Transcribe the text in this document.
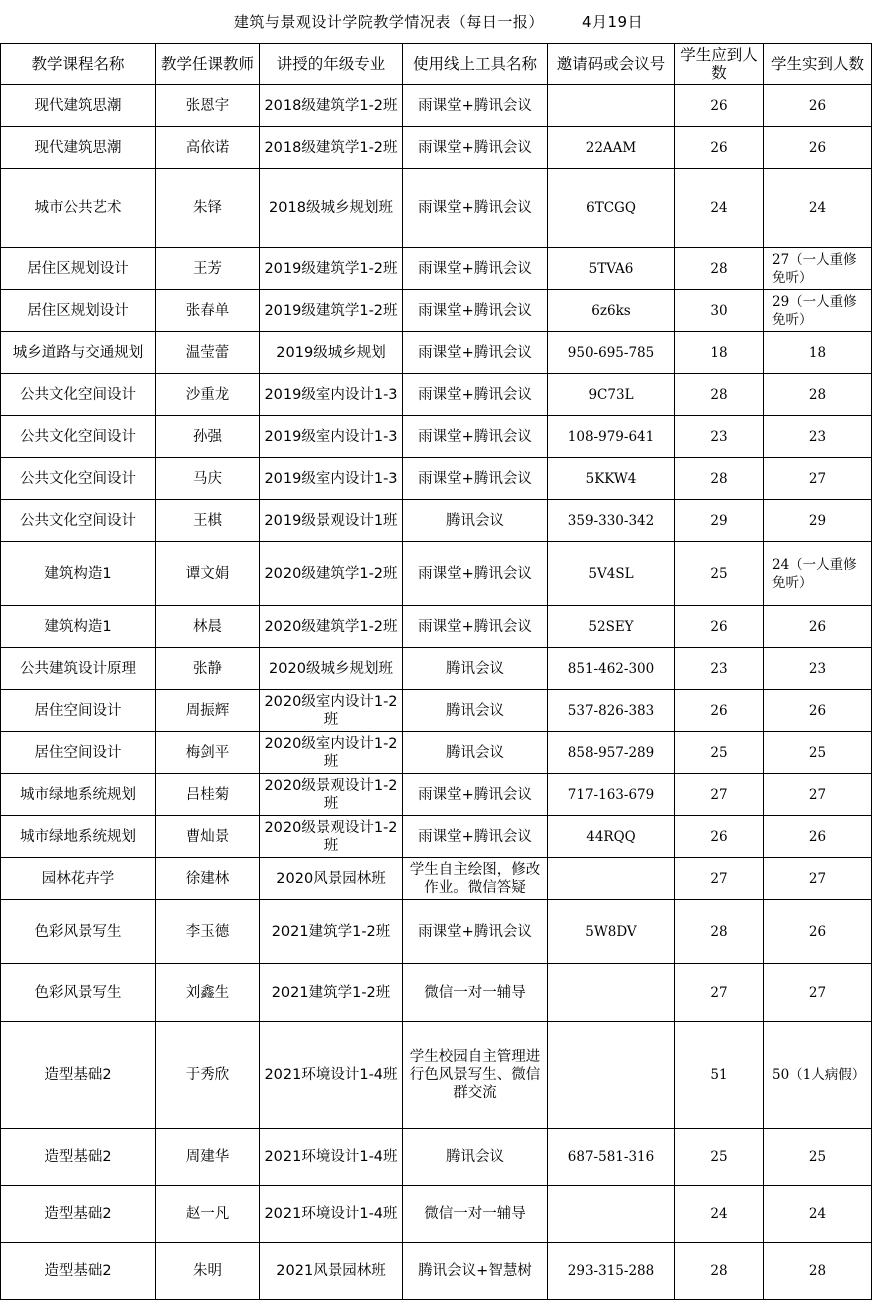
建筑与景观设计学院教学情况表（每日一报）	4月19日
教学课程名称	教学任课教师	讲授的年级专业	使用线上工具名称	邀请码或会议号	学生应到人数	学生实到人数
现代建筑思潮	张恩宇	2018级建筑学1-2班	雨课堂+腾讯会议		26	26
现代建筑思潮	高依诺	2018级建筑学1-2班	雨课堂+腾讯会议	22AAM	26	26
城市公共艺术	朱铎	2018级城乡规划班	雨课堂+腾讯会议	6TCGQ	24	24
居住区规划设计	王芳	2019级建筑学1-2班	雨课堂+腾讯会议	5TVA6	28	27（一人重修免听）
居住区规划设计	张春单	2019级建筑学1-2班	雨课堂+腾讯会议	6z6ks	30	29（一人重修免听）
城乡道路与交通规划	温莹蕾	2019级城乡规划	雨课堂+腾讯会议	950-695-785	18	18
公共文化空间设计	沙重龙	2019级室内设计1-3	雨课堂+腾讯会议	9C73L	28	28
公共文化空间设计	孙强	2019级室内设计1-3	雨课堂+腾讯会议	108-979-641	23	23
公共文化空间设计	马庆	2019级室内设计1-3	雨课堂+腾讯会议	5KKW4	28	27
公共文化空间设计	王棋	2019级景观设计1班	腾讯会议	359-330-342	29	29
建筑构造1	谭文娟	2020级建筑学1-2班	雨课堂+腾讯会议	5V4SL	25	24（一人重修免听）
建筑构造1	林晨	2020级建筑学1-2班	雨课堂+腾讯会议	52SEY	26	26
公共建筑设计原理	张静	2020级城乡规划班	腾讯会议	851-462-300	23	23
居住空间设计	周振辉	2020级室内设计1-2班	腾讯会议	537-826-383	26	26
居住空间设计	梅剑平	2020级室内设计1-2班	腾讯会议	858-957-289	25	25
城市绿地系统规划	吕桂菊	2020级景观设计1-2班	雨课堂+腾讯会议	717-163-679	27	27
城市绿地系统规划	曹灿景	2020级景观设计1-2班	雨课堂+腾讯会议	44RQQ	26	26
园林花卉学	徐建林	2020风景园林班	学生自主绘图，修改作业。微信答疑		27	27
色彩风景写生	李玉德	2021建筑学1-2班	雨课堂+腾讯会议	5W8DV	28	26
色彩风景写生	刘鑫生	2021建筑学1-2班	微信一对一辅导		27	27
造型基础2	于秀欣	2021环境设计1-4班	学生校园自主管理进行色风景写生、微信群交流		51	50（1人病假）
造型基础2	周建华	2021环境设计1-4班	腾讯会议	687-581-316	25	25
造型基础2	赵一凡	2021环境设计1-4班	微信一对一辅导		24	24
造型基础2	朱明	2021风景园林班	腾讯会议+智慧树	293-315-288	28	28
